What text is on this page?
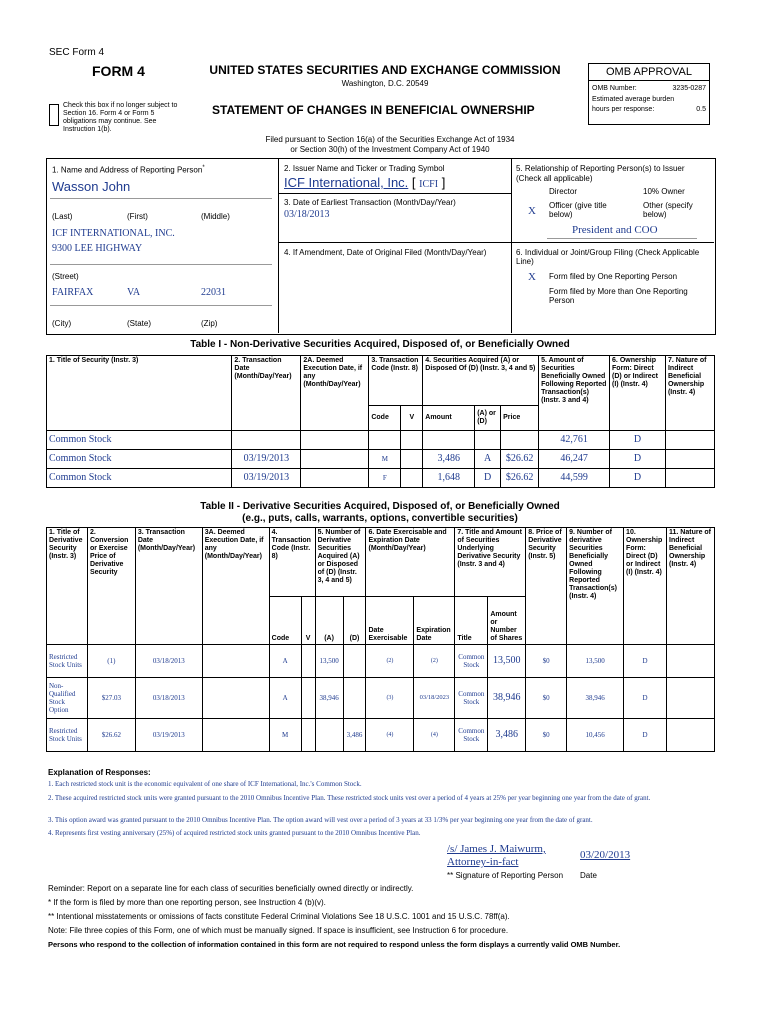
SEC Form 4
FORM 4	UNITED STATES SECURITIES AND EXCHANGE COMMISSION
Washington, D.C. 20549
Check this box if no longer subject to Section 16. Form 4 or Form 5 obligations may continue. See Instruction 1(b).
STATEMENT OF CHANGES IN BENEFICIAL OWNERSHIP
Filed pursuant to Section 16(a) of the Securities Exchange Act of 1934
or Section 30(h) of the Investment Company Act of 1940
OMB APPROVAL
OMB Number:	3235-0287
Estimated average burden
hours per response:	0.5
1. Name and Address of Reporting Person*
Wasson John
(Last)	(First)	(Middle)
ICF INTERNATIONAL, INC.
9300 LEE HIGHWAY
(Street)
FAIRFAX	VA	22031
(City)	(State)	(Zip)
2. Issuer Name and Ticker or Trading Symbol
ICF International, Inc. [ ICFI ]
3. Date of Earliest Transaction (Month/Day/Year)
03/18/2013
4. If Amendment, Date of Original Filed (Month/Day/Year)
5. Relationship of Reporting Person(s) to Issuer
(Check all applicable)
Director	10% Owner
X Officer (give title below)
Other (specify below)
President and COO
6. Individual or Joint/Group Filing (Check Applicable Line)
X Form filed by One Reporting Person
Form filed by More than One Reporting Person
Table I - Non-Derivative Securities Acquired, Disposed of, or Beneficially Owned
1. Title of Security (Instr. 3)	2. Transaction Date (Month/Day/Year)	2A. Deemed Execution Date, if any (Month/Day/Year)	3. Transaction Code (Instr. 8)		4. Securities Acquired (A) or Disposed Of (D) (Instr. 3, 4 and 5)			5. Amount of Securities Beneficially Owned Following Reported Transaction(s) (Instr. 3 and 4)	6. Ownership Form: Direct (D) or Indirect (I) (Instr. 4)	7. Nature of Indirect Beneficial Ownership (Instr. 4)
			Code	V	Amount	(A) or (D)	Price			
Common Stock								42,761	D	
Common Stock	03/19/2013		M		3,486	A	$26.62	46,247	D	
Common Stock	03/19/2013		F		1,648	D	$26.62	44,599	D	
Table II - Derivative Securities Acquired, Disposed of, or Beneficially Owned
(e.g., puts, calls, warrants, options, convertible securities)
1. Title of Derivative Security (Instr. 3)	2. Conversion or Exercise Price of Derivative Security	3. Transaction Date (Month/Day/Year)	3A. Deemed Execution Date, if any (Month/Day/Year)	4. Transaction Code (Instr. 8)		5. Number of Derivative Securities Acquired (A) or Disposed of (D) (Instr. 3, 4 and 5)		6. Date Exercisable and Expiration Date (Month/Day/Year)		7. Title and Amount of Securities Underlying Derivative Security (Instr. 3 and 4)		8. Price of Derivative Security (Instr. 5)	9. Number of derivative Securities Beneficially Owned Following Reported Transaction(s) (Instr. 4)	10. Ownership Form: Direct (D) or Indirect (I) (Instr. 4)	11. Nature of Indirect Beneficial Ownership (Instr. 4)
				Code	V	(A)	(D)	Date Exercisable	Expiration Date	Title	Amount or Number of Shares				
Restricted Stock Units	(1)	03/18/2013		A		13,500		(2)	(2)	Common Stock	13,500	$0	13,500	D	
Non-Qualified Stock Option	$27.03	03/18/2013		A		38,946		(3)	03/18/2023	Common Stock	38,946	$0	38,946	D	
Restricted Stock Units	$26.62	03/19/2013		M			3,486	(4)	(4)	Common Stock	3,486	$0	10,456	D	
Explanation of Responses:
1. Each restricted stock unit is the economic equivalent of one share of ICF International, Inc.'s Common Stock.
2. These acquired restricted stock units were granted pursuant to the 2010 Omnibus Incentive Plan. These restricted stock units vest over a period of 4 years at 25% per year beginning one year from the date of grant.
3. This option award was granted pursuant to the 2010 Omnibus Incentive Plan. The option award will vest over a period of 3 years at 33 1/3% per year beginning one year from the date of grant.
4. Represents first vesting anniversary (25%) of acquired restricted stock units granted pursuant to the 2010 Omnibus Incentive Plan.
/s/ James J. Maiwurm,
Attorney-in-fact
03/20/2013
** Signature of Reporting Person Date
Reminder: Report on a separate line for each class of securities beneficially owned directly or indirectly.
* If the form is filed by more than one reporting person, see Instruction 4 (b)(v).
** Intentional misstatements or omissions of facts constitute Federal Criminal Violations See 18 U.S.C. 1001 and 15 U.S.C. 78ff(a).
Note: File three copies of this Form, one of which must be manually signed. If space is insufficient, see Instruction 6 for procedure.
Persons who respond to the collection of information contained in this form are not required to respond unless the form displays a currently valid OMB Number.
